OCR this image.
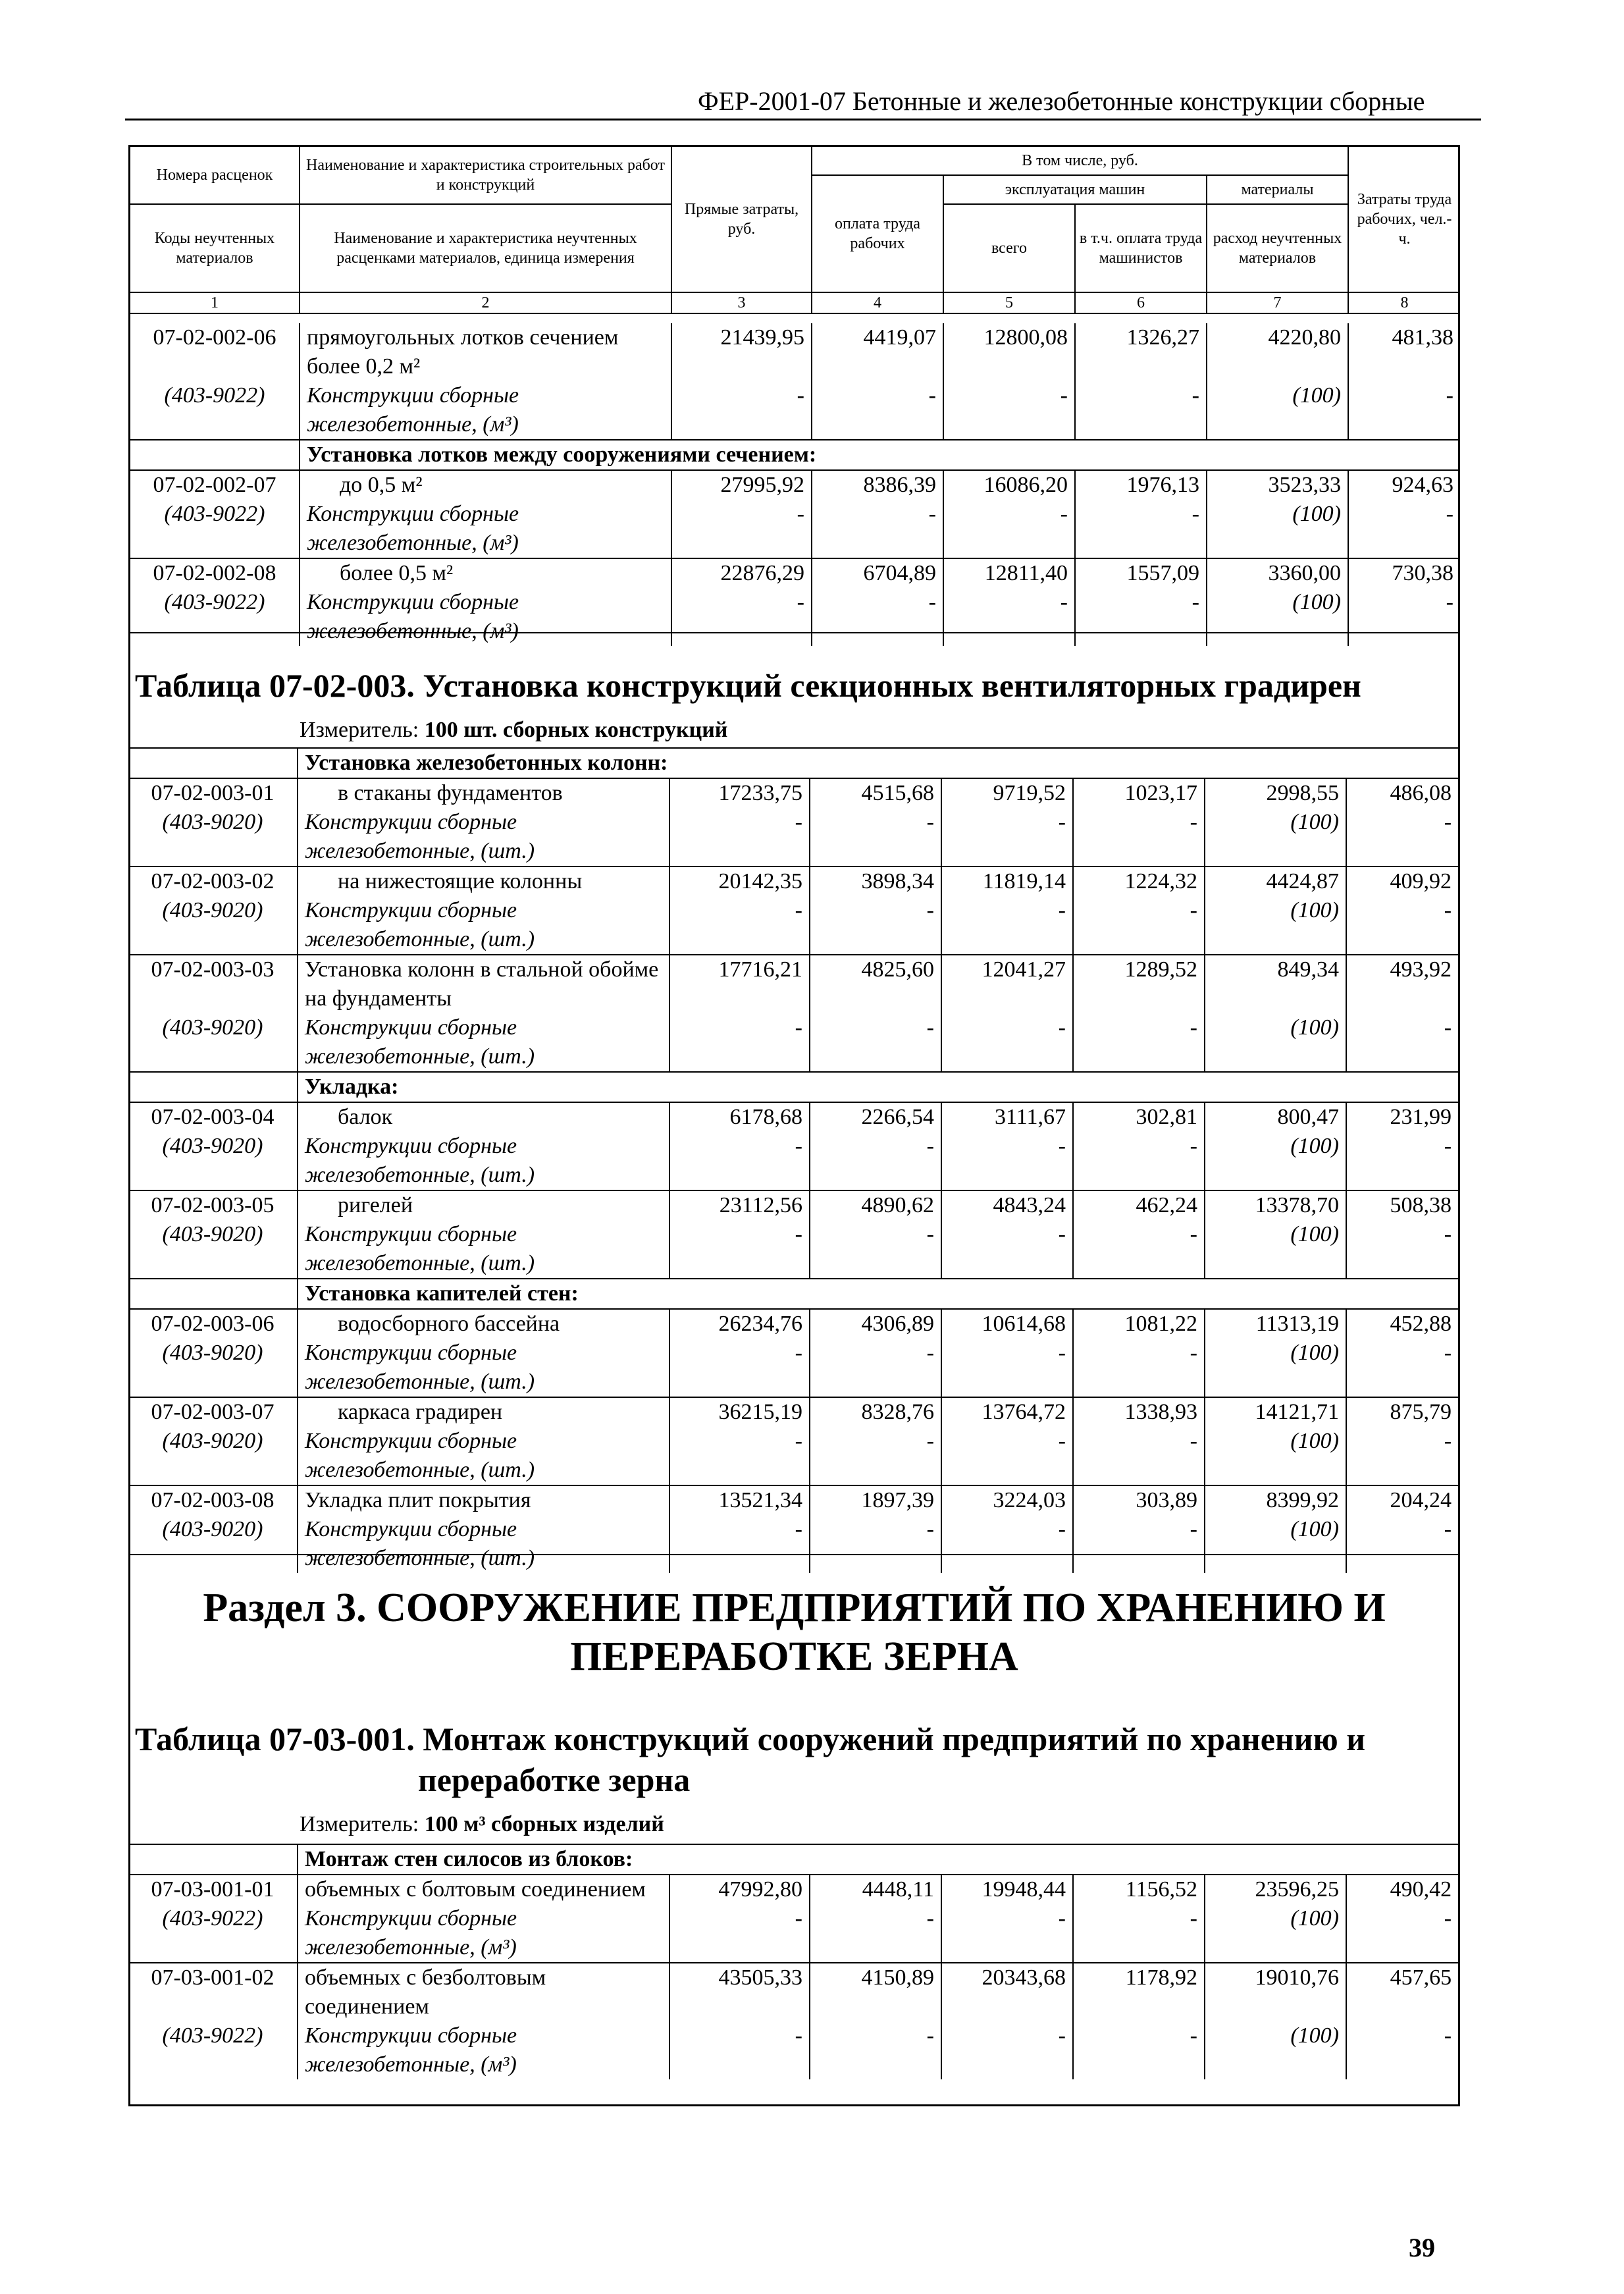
ФЕР-2001-07 Бетонные и железобетонные конструкции сборные
Номера расценок	Наименование и характеристика строительных работ и конструкций	Прямые затраты, руб.	В том числе, руб.				Затраты труда рабочих, чел.-ч.
			оплата труда рабочих	эксплуатация машин		материалы	
Коды неучтенных материалов	Наименование и характеристика неучтенных расценками материалов, единица измерения			всего	в т.ч. оплата труда машинистов	расход неучтенных материалов	

1	2	3	4	5	6	7	8
07-02-002-06	прямоугольных лотков сечением более 0,2 м²	21439,95	4419,07	12800,08	1326,27	4220,80	481,38
(403-9022)	Конструкции сборные железобетонные, (м³)	-	-	-	-	(100)	-
	Установка лотков между сооружениями сечением:						
07-02-002-07	до 0,5 м²	27995,92	8386,39	16086,20	1976,13	3523,33	924,63
(403-9022)	Конструкции сборные железобетонные, (м³)	-	-	-	-	(100)	-
07-02-002-08	более 0,5 м²	22876,29	6704,89	12811,40	1557,09	3360,00	730,38
(403-9022)	Конструкции сборные железобетонные, (м³)	-	-	-	-	(100)	-
Таблица 07-02-003. Установка конструкций секционных вентиляторных градирен
Измеритель: 100 шт. сборных конструкций
	Установка железобетонных колонн:						
07-02-003-01	в стаканы фундаментов	17233,75	4515,68	9719,52	1023,17	2998,55	486,08
(403-9020)	Конструкции сборные железобетонные, (шт.)	-	-	-	-	(100)	-
07-02-003-02	на нижестоящие колонны	20142,35	3898,34	11819,14	1224,32	4424,87	409,92
(403-9020)	Конструкции сборные железобетонные, (шт.)	-	-	-	-	(100)	-
07-02-003-03	Установка колонн в стальной обойме на фундаменты	17716,21	4825,60	12041,27	1289,52	849,34	493,92
(403-9020)	Конструкции сборные железобетонные, (шт.)	-	-	-	-	(100)	-
	Укладка:						
07-02-003-04	балок	6178,68	2266,54	3111,67	302,81	800,47	231,99
(403-9020)	Конструкции сборные железобетонные, (шт.)	-	-	-	-	(100)	-
07-02-003-05	ригелей	23112,56	4890,62	4843,24	462,24	13378,70	508,38
(403-9020)	Конструкции сборные железобетонные, (шт.)	-	-	-	-	(100)	-
	Установка капителей стен:						
07-02-003-06	водосборного бассейна	26234,76	4306,89	10614,68	1081,22	11313,19	452,88
(403-9020)	Конструкции сборные железобетонные, (шт.)	-	-	-	-	(100)	-
07-02-003-07	каркаса градирен	36215,19	8328,76	13764,72	1338,93	14121,71	875,79
(403-9020)	Конструкции сборные железобетонные, (шт.)	-	-	-	-	(100)	-
07-02-003-08	Укладка плит покрытия	13521,34	1897,39	3224,03	303,89	8399,92	204,24
(403-9020)	Конструкции сборные железобетонные, (шт.)	-	-	-	-	(100)	-
Раздел 3. СООРУЖЕНИЕ ПРЕДПРИЯТИЙ ПО ХРАНЕНИЮ И
ПЕРЕРАБОТКЕ ЗЕРНА
Таблица 07-03-001. Монтаж конструкций сооружений предприятий по хранению и
переработке зерна
Измеритель: 100 м³ сборных изделий
	Монтаж стен силосов из блоков:						
07-03-001-01	объемных с болтовым соединением	47992,80	4448,11	19948,44	1156,52	23596,25	490,42
(403-9022)	Конструкции сборные железобетонные, (м³)	-	-	-	-	(100)	-
07-03-001-02	объемных с безболтовым соединением	43505,33	4150,89	20343,68	1178,92	19010,76	457,65
(403-9022)	Конструкции сборные железобетонные, (м³)	-	-	-	-	(100)	-
39
